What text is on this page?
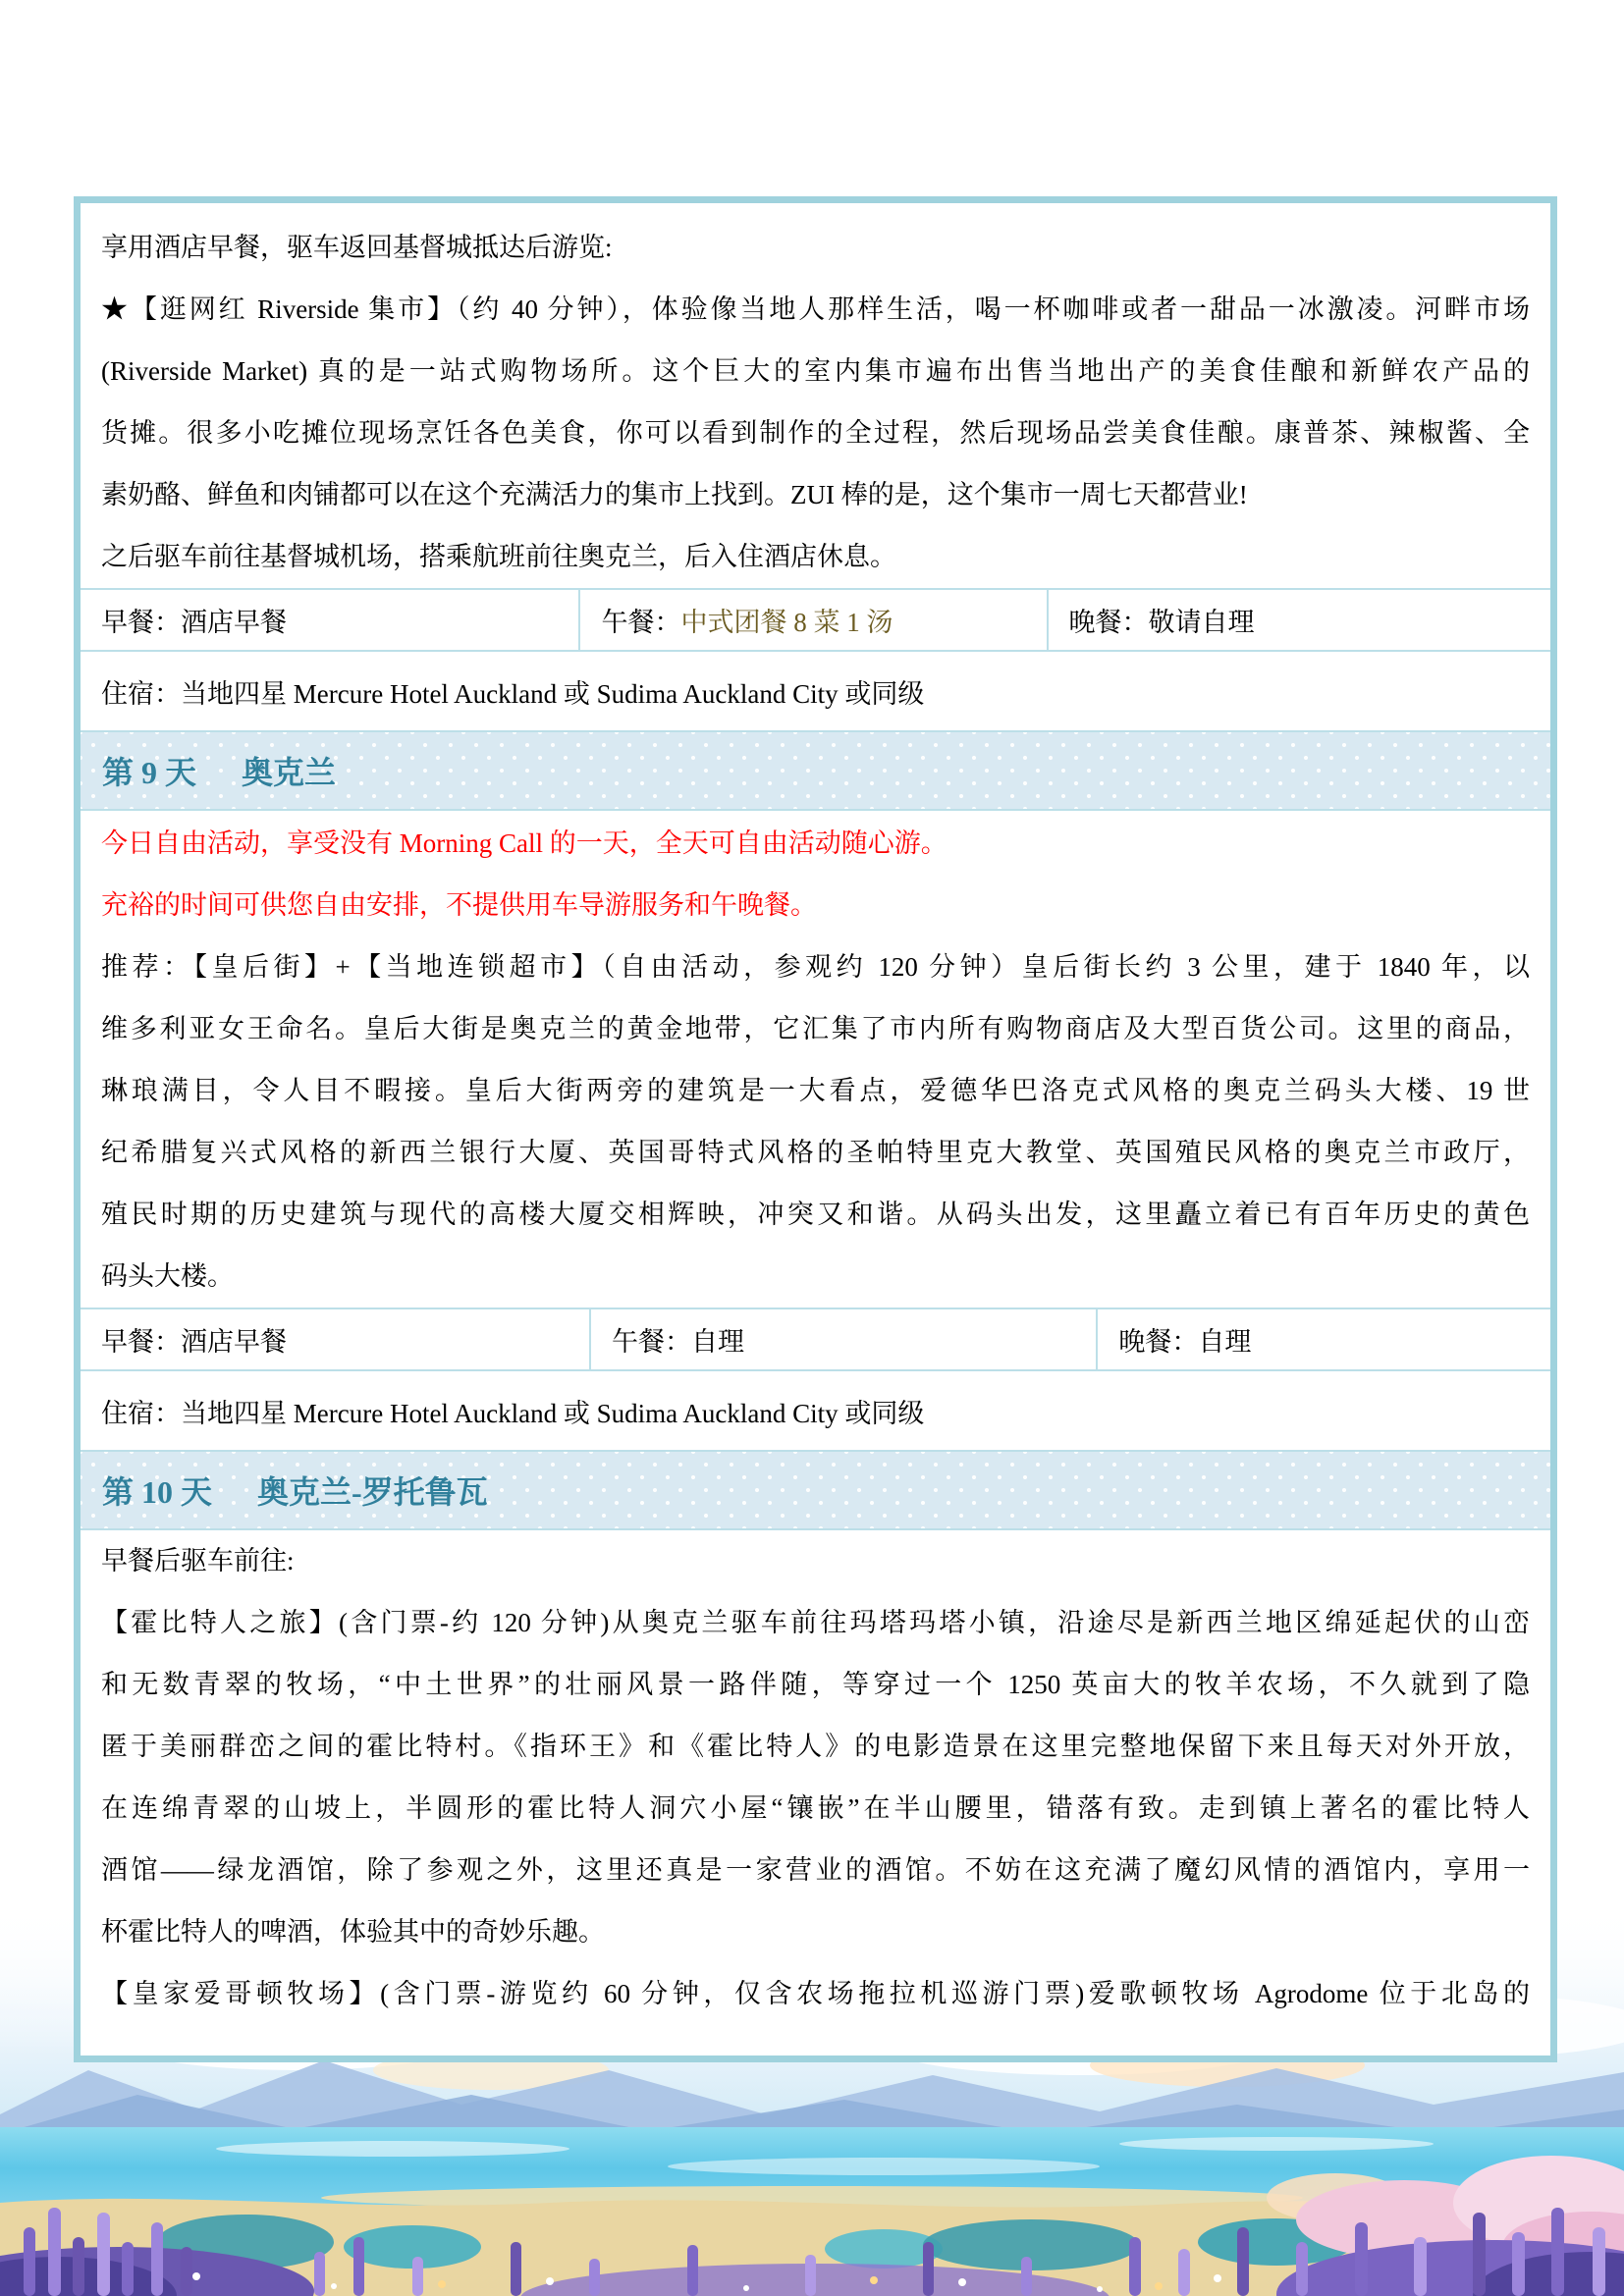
享用酒店早餐，驱车返回基督城抵达后游览:
★【逛网红 Riverside 集市】（约 40 分钟），体验像当地人那样生活，喝一杯咖啡或者一甜品一冰激凌。河畔市场
(Riverside Market) 真的是一站式购物场所。这个巨大的室内集市遍布出售当地出产的美食佳酿和新鲜农产品的
货摊。很多小吃摊位现场烹饪各色美食，你可以看到制作的全过程，然后现场品尝美食佳酿。康普茶、辣椒酱、全
素奶酪、鲜鱼和肉铺都可以在这个充满活力的集市上找到。ZUI 棒的是，这个集市一周七天都营业!
之后驱车前往基督城机场，搭乘航班前往奥克兰，后入住酒店休息。
早餐： 酒店早餐	午餐： 中式团餐 8 菜 1 汤	晚餐： 敬请自理
住宿： 当地四星 Mercure Hotel Auckland 或 Sudima Auckland City 或同级
第 9 天 奥克兰
今日自由活动，享受没有 Morning Call 的一天，全天可自由活动随心游。
充裕的时间可供您自由安排，不提供用车导游服务和午晚餐。
推荐：【皇后街】+【当地连锁超市】（自由活动，参观约 120 分钟）皇后街长约 3 公里，建于 1840 年，以
维多利亚女王命名。皇后大街是奥克兰的黄金地带，它汇集了市内所有购物商店及大型百货公司。这里的商品，
琳琅满目，令人目不暇接。皇后大街两旁的建筑是一大看点，爱德华巴洛克式风格的奥克兰码头大楼、19 世
纪希腊复兴式风格的新西兰银行大厦、英国哥特式风格的圣帕特里克大教堂、英国殖民风格的奥克兰市政厅，
殖民时期的历史建筑与现代的高楼大厦交相辉映，冲突又和谐。从码头出发，这里矗立着已有百年历史的黄色
码头大楼。
早餐： 酒店早餐	午餐： 自理	晚餐： 自理
住宿： 当地四星 Mercure Hotel Auckland 或 Sudima Auckland City 或同级
第 10 天 奥克兰-罗托鲁瓦
早餐后驱车前往:
【霍比特人之旅】(含门票-约 120 分钟)从奥克兰驱车前往玛塔玛塔小镇，沿途尽是新西兰地区绵延起伏的山峦
和无数青翠的牧场，“中土世界”的壮丽风景一路伴随，等穿过一个 1250 英亩大的牧羊农场，不久就到了隐
匿于美丽群峦之间的霍比特村。《指环王》和《霍比特人》的电影造景在这里完整地保留下来且每天对外开放，
在连绵青翠的山坡上，半圆形的霍比特人洞穴小屋“镶嵌”在半山腰里，错落有致。走到镇上著名的霍比特人
酒馆——绿龙酒馆，除了参观之外，这里还真是一家营业的酒馆。不妨在这充满了魔幻风情的酒馆内，享用一
杯霍比特人的啤酒，体验其中的奇妙乐趣。
【皇家爱哥顿牧场】(含门票-游览约 60 分钟，仅含农场拖拉机巡游门票)爱歌顿牧场 Agrodome 位于北岛的
